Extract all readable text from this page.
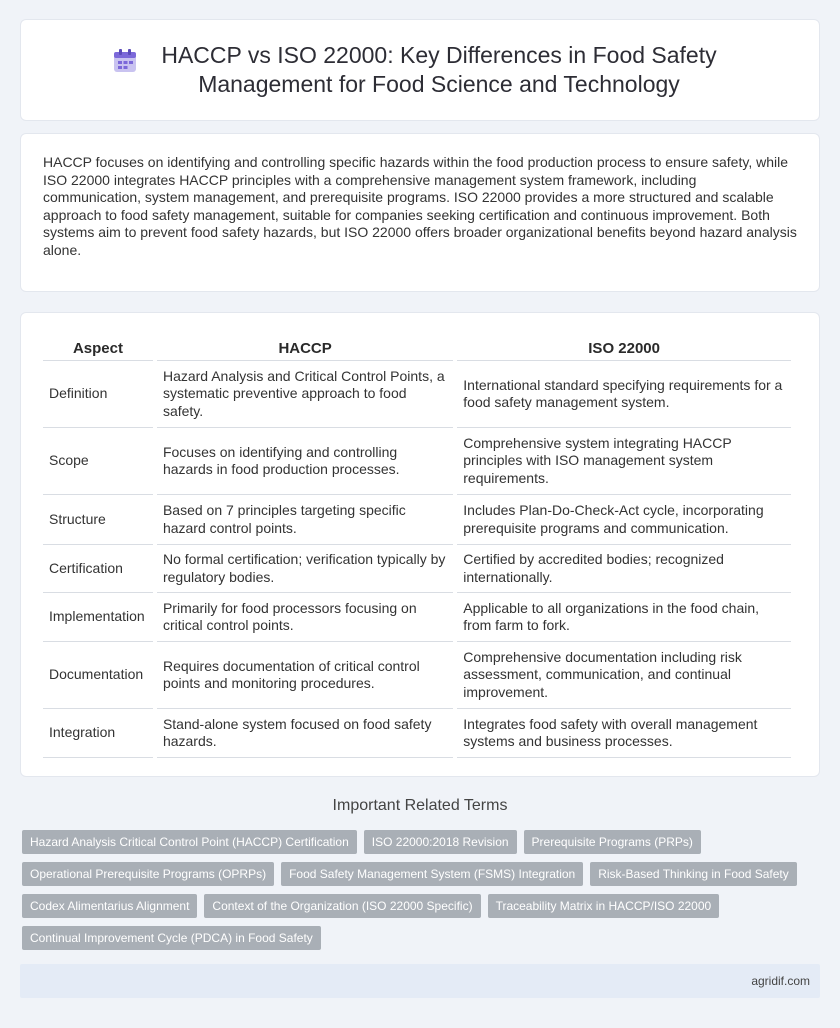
HACCP vs ISO 22000: Key Differences in Food Safety Management for Food Science and Technology

HACCP focuses on identifying and controlling specific hazards within the food production process to ensure safety, while ISO 22000 integrates HACCP principles with a comprehensive management system framework, including communication, system management, and prerequisite programs. ISO 22000 provides a more structured and scalable approach to food safety management, suitable for companies seeking certification and continuous improvement. Both systems aim to prevent food safety hazards, but ISO 22000 offers broader organizational benefits beyond hazard analysis alone.

Aspect	HACCP	ISO 22000
Definition	Hazard Analysis and Critical Control Points, a systematic preventive approach to food safety.	International standard specifying requirements for a food safety management system.
Scope	Focuses on identifying and controlling hazards in food production processes.	Comprehensive system integrating HACCP principles with ISO management system requirements.
Structure	Based on 7 principles targeting specific hazard control points.	Includes Plan-Do-Check-Act cycle, incorporating prerequisite programs and communication.
Certification	No formal certification; verification typically by regulatory bodies.	Certified by accredited bodies; recognized internationally.
Implementation	Primarily for food processors focusing on critical control points.	Applicable to all organizations in the food chain, from farm to fork.
Documentation	Requires documentation of critical control points and monitoring procedures.	Comprehensive documentation including risk assessment, communication, and continual improvement.
Integration	Stand-alone system focused on food safety hazards.	Integrates food safety with overall management systems and business processes.
Important Related Terms
Hazard Analysis Critical Control Point (HACCP) Certification	ISO 22000:2018 Revision	Prerequisite Programs (PRPs)
Operational Prerequisite Programs (OPRPs)	Food Safety Management System (FSMS) Integration	Risk-Based Thinking in Food Safety
Codex Alimentarius Alignment	Context of the Organization (ISO 22000 Specific)	Traceability Matrix in HACCP/ISO 22000
Continual Improvement Cycle (PDCA) in Food Safety
agridif.com
